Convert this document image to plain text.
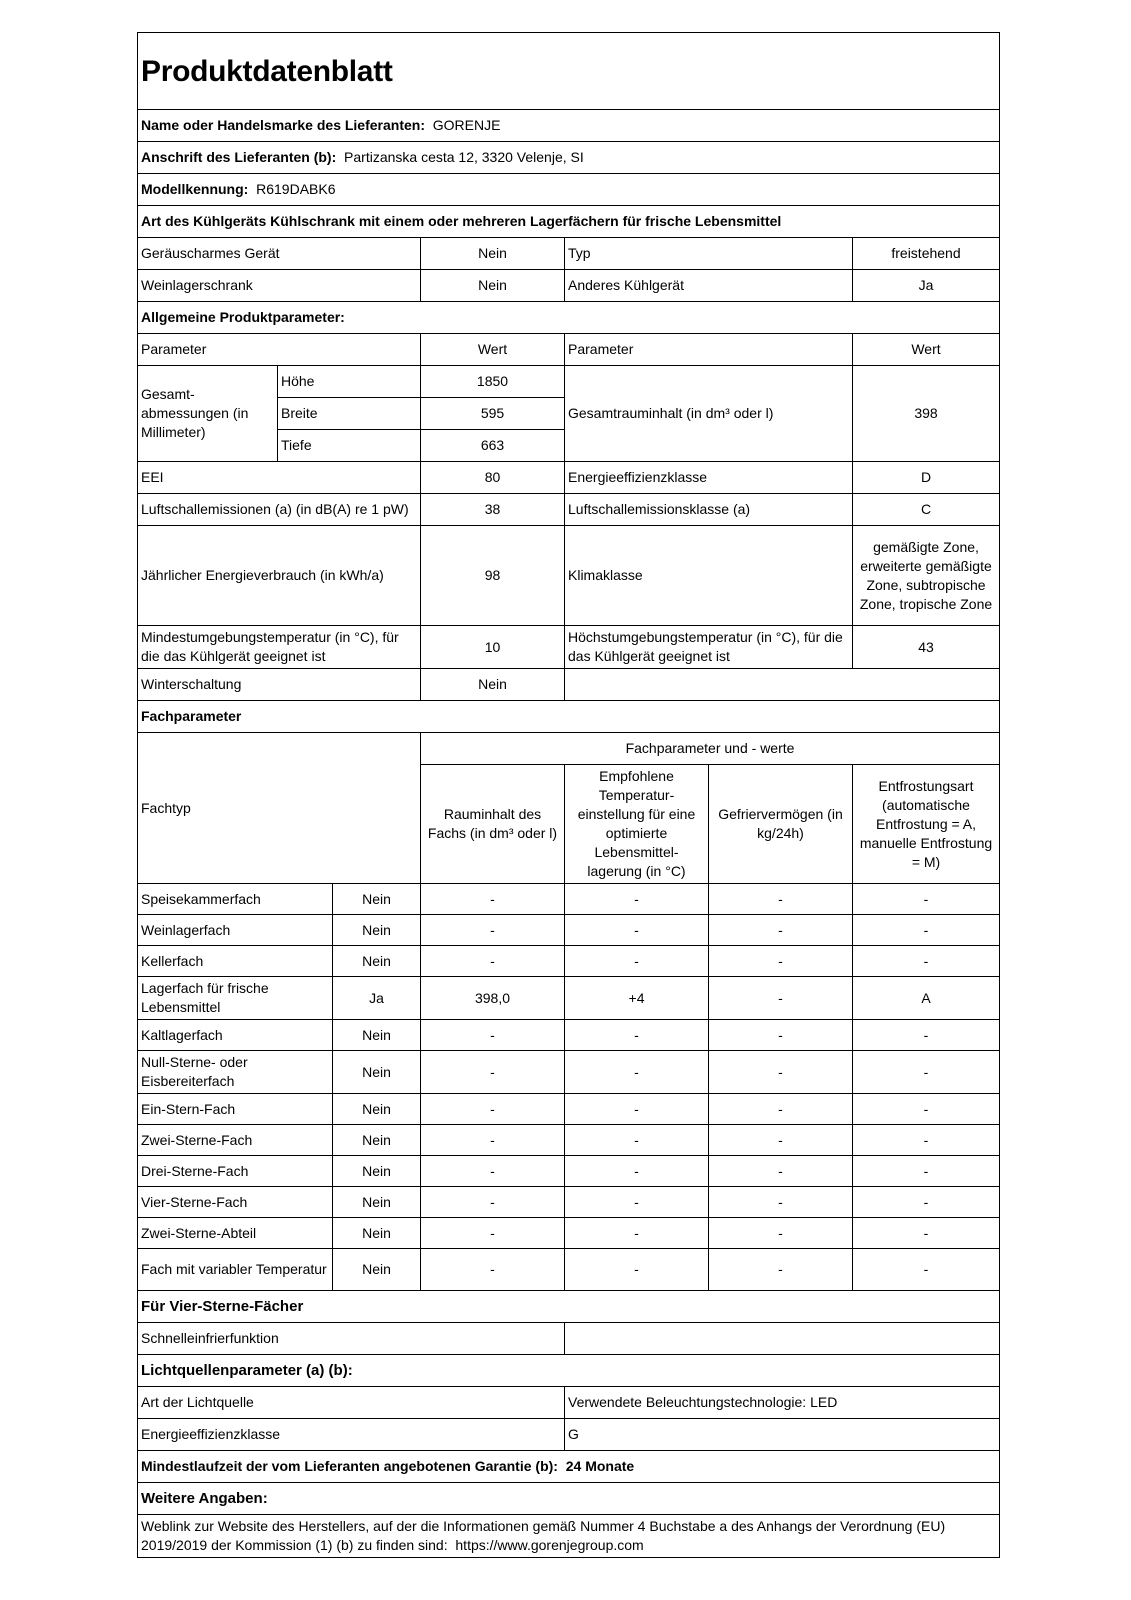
Produktdatenblatt						
Name oder Handelsmarke des Lieferanten: GORENJE						
Anschrift des Lieferanten (b): Partizanska cesta 12, 3320 Velenje, SI						
Modellkennung: R619DABK6						
Art des Kühlgeräts Kühlschrank mit einem oder mehreren Lagerfächern für frische Lebensmittel						
Geräuscharmes Gerät			Nein	Typ		freistehend
Weinlagerschrank			Nein	Anderes Kühlgerät		Ja
Allgemeine Produktparameter:						
Parameter			Wert	Parameter		Wert
Gesamt-abmessungen (in Millimeter)	Höhe		1850	Gesamtrauminhalt (in dm³ oder l)		398
	Breite		595			
	Tiefe		663			
EEI			80	Energieeffizienzklasse		D
Luftschallemissionen (a) (in dB(A) re 1 pW)			38	Luftschallemissionsklasse (a)		C
Jährlicher Energieverbrauch (in kWh/a)			98	Klimaklasse		gemäßigte Zone, erweiterte gemäßigte Zone, subtropische Zone, tropische Zone
Mindestumgebungstemperatur (in °C), für die das Kühlgerät geeignet ist			10	Höchstumgebungstemperatur (in °C), für die das Kühlgerät geeignet ist		43
Winterschaltung			Nein			
Fachparameter						
Fachtyp			Fachparameter und - werte			
			Rauminhalt des Fachs (in dm³ oder l)	Empfohlene Temperatur-einstellung für eine optimierte Lebensmittel-lagerung (in °C)	Gefriervermögen (in kg/24h)	Entfrostungsart (automatische Entfrostung = A, manuelle Entfrostung = M)
Speisekammerfach		Nein	-	-	-	-
Weinlagerfach		Nein	-	-	-	-
Kellerfach		Nein	-	-	-	-
Lagerfach für frische Lebensmittel		Ja	398,0	+4	-	A
Kaltlagerfach		Nein	-	-	-	-
Null-Sterne- oder Eisbereiterfach		Nein	-	-	-	-
Ein-Stern-Fach		Nein	-	-	-	-
Zwei-Sterne-Fach		Nein	-	-	-	-
Drei-Sterne-Fach		Nein	-	-	-	-
Vier-Sterne-Fach		Nein	-	-	-	-
Zwei-Sterne-Abteil		Nein	-	-	-	-
Fach mit variabler Temperatur		Nein	-	-	-	-
Für Vier-Sterne-Fächer						
Schnelleinfrierfunktion						
Lichtquellenparameter (a) (b):						
Art der Lichtquelle				Verwendete Beleuchtungstechnologie: LED		
Energieeffizienzklasse				G		
Mindestlaufzeit der vom Lieferanten angebotenen Garantie (b): 24 Monate						
Weitere Angaben:						
Weblink zur Website des Herstellers, auf der die Informationen gemäß Nummer 4 Buchstabe a des Anhangs der Verordnung (EU) 2019/2019 der Kommission (1) (b) zu finden sind: https://www.gorenjegroup.com						
